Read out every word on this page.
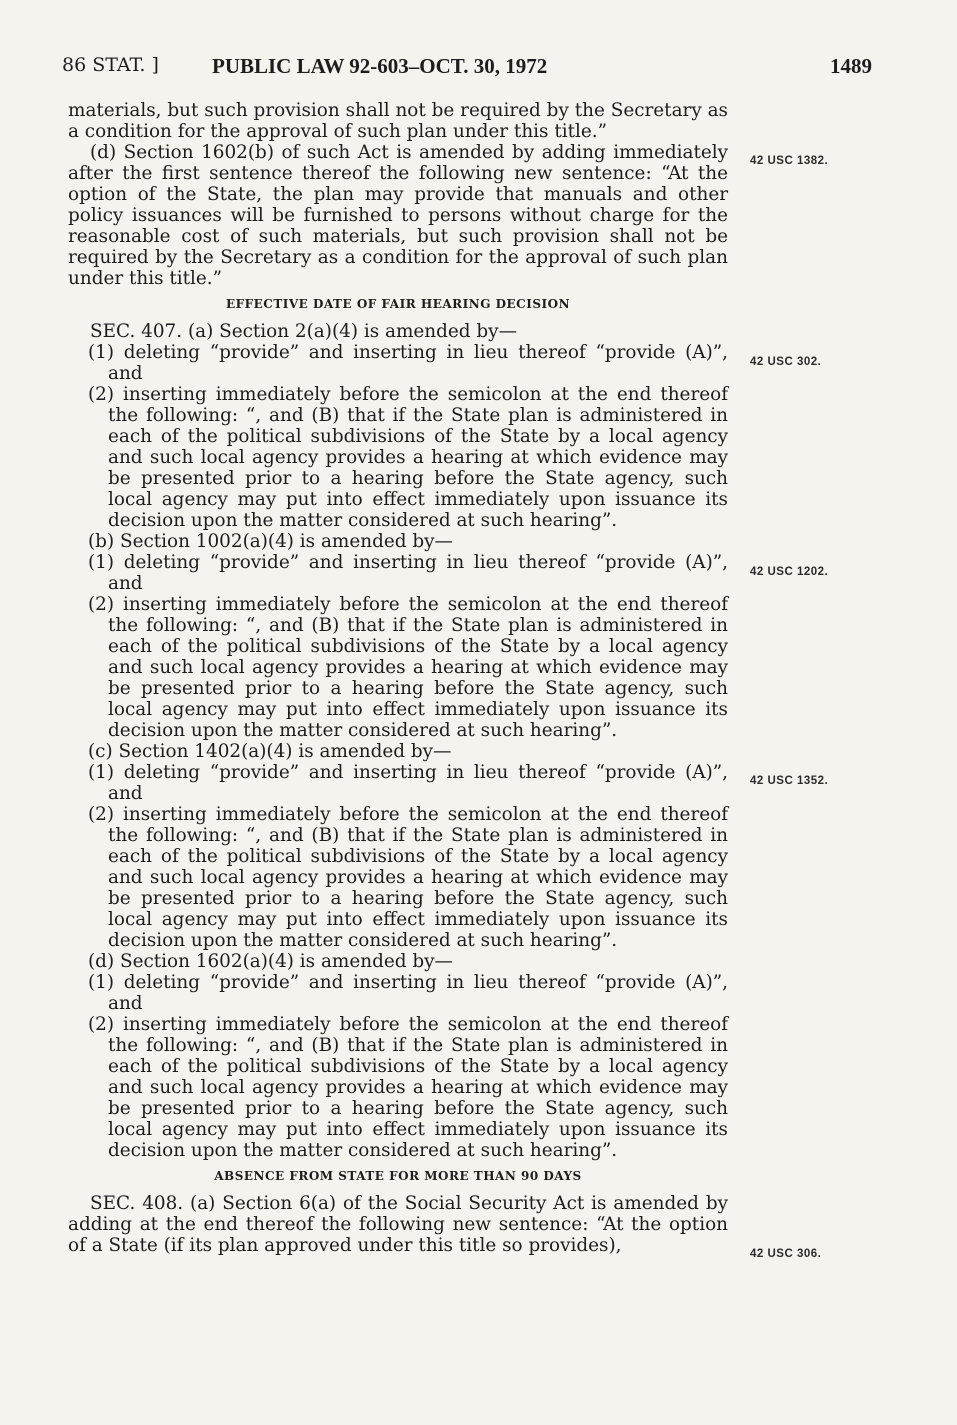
86 STAT. ]	PUBLIC LAW 92-603–OCT. 30, 1972	1489

materials, but such provision shall not be required by the Secretary as a condition for the approval of such plan under this title.”

(d) Section 1602(b) of such Act is amended by adding immediately after the first sentence thereof the following new sentence: “At the option of the State, the plan may provide that manuals and other policy issuances will be furnished to persons without charge for the reasonable cost of such materials, but such provision shall not be required by the Secretary as a condition for the approval of such plan under this title.”

EFFECTIVE DATE OF FAIR HEARING DECISION

SEC. 407. (a) Section 2(a)(4) is amended by—

(1) deleting “provide” and inserting in lieu thereof “provide (A)”, and

(2) inserting immediately before the semicolon at the end thereof the following: “, and (B) that if the State plan is administered in each of the political subdivisions of the State by a local agency and such local agency provides a hearing at which evidence may be presented prior to a hearing before the State agency, such local agency may put into effect immediately upon issuance its decision upon the matter considered at such hearing”.

(b) Section 1002(a)(4) is amended by—

(1) deleting “provide” and inserting in lieu thereof “provide (A)”, and

(2) inserting immediately before the semicolon at the end thereof the following: “, and (B) that if the State plan is administered in each of the political subdivisions of the State by a local agency and such local agency provides a hearing at which evidence may be presented prior to a hearing before the State agency, such local agency may put into effect immediately upon issuance its decision upon the matter considered at such hearing”.

(c) Section 1402(a)(4) is amended by—

(1) deleting “provide” and inserting in lieu thereof “provide (A)”, and

(2) inserting immediately before the semicolon at the end thereof the following: “, and (B) that if the State plan is administered in each of the political subdivisions of the State by a local agency and such local agency provides a hearing at which evidence may be presented prior to a hearing before the State agency, such local agency may put into effect immediately upon issuance its decision upon the matter considered at such hearing”.

(d) Section 1602(a)(4) is amended by—

(1) deleting “provide” and inserting in lieu thereof “provide (A)”, and

(2) inserting immediately before the semicolon at the end thereof the following: “, and (B) that if the State plan is administered in each of the political subdivisions of the State by a local agency and such local agency provides a hearing at which evidence may be presented prior to a hearing before the State agency, such local agency may put into effect immediately upon issuance its decision upon the matter considered at such hearing”.

ABSENCE FROM STATE FOR MORE THAN 90 DAYS

SEC. 408. (a) Section 6(a) of the Social Security Act is amended by adding at the end thereof the following new sentence: “At the option of a State (if its plan approved under this title so provides),

42 USC 1382.
42 USC 302.
42 USC 1202.
42 USC 1352.
42 USC 306.
